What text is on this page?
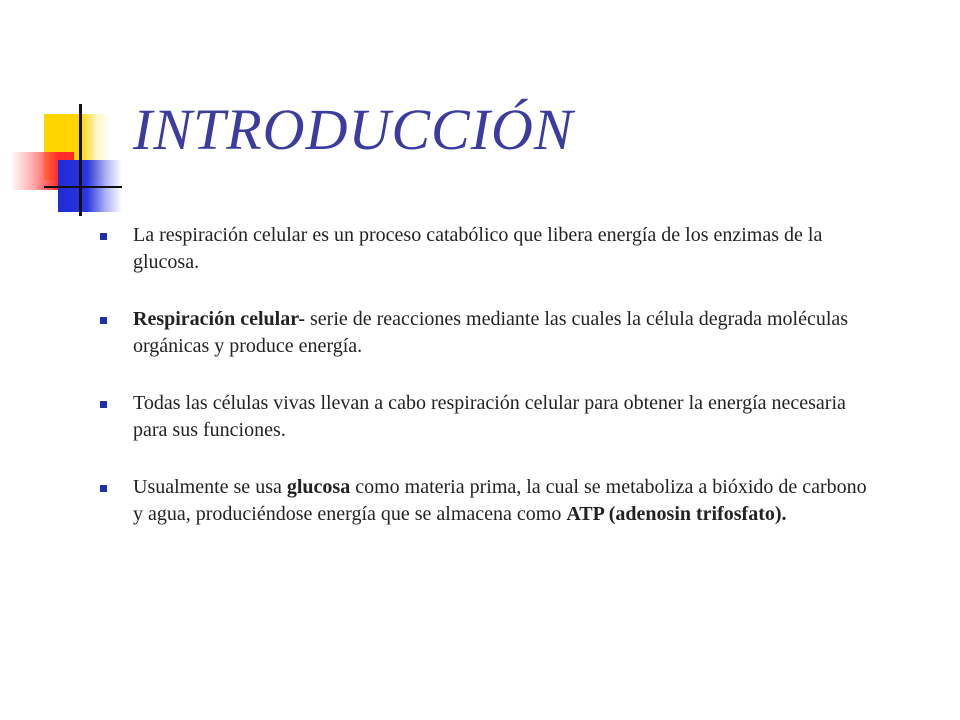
INTRODUCCIÓN
La respiración celular es un proceso catabólico que libera energía de los enzimas de la glucosa.
Respiración celular- serie de reacciones mediante las cuales la célula degrada moléculas orgánicas y produce energía.
Todas las células vivas llevan a cabo respiración celular para obtener la energía necesaria para sus funciones.
Usualmente se usa glucosa como materia prima, la cual se metaboliza a bióxido de carbono y agua, produciéndose energía que se almacena como ATP (adenosin trifosfato).
